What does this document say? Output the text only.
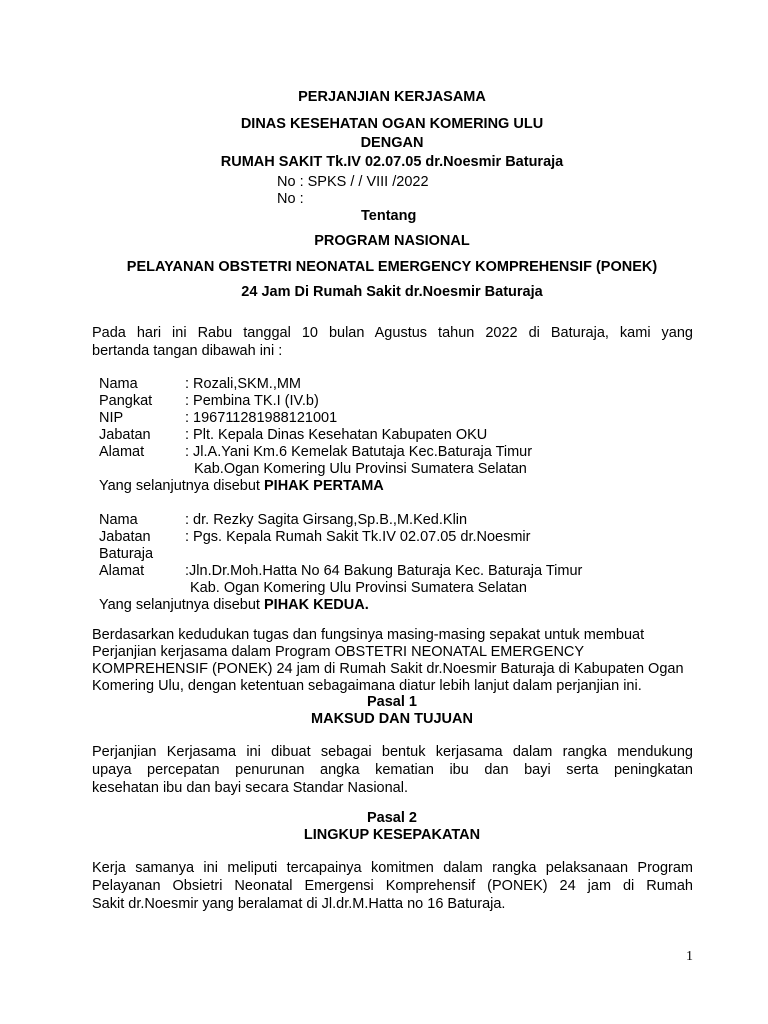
PERJANJIAN KERJASAMA
DINAS KESEHATAN OGAN KOMERING ULU
DENGAN
RUMAH SAKIT Tk.IV 02.07.05 dr.Noesmir Baturaja
No : SPKS / / VIII /2022
No :
Tentang
PROGRAM NASIONAL
PELAYANAN OBSTETRI NEONATAL EMERGENCY KOMPREHENSIF (PONEK)
24 Jam Di Rumah Sakit dr.Noesmir Baturaja
Pada hari ini Rabu tanggal 10 bulan Agustus tahun 2022 di Baturaja, kami yang
bertanda tangan dibawah ini :
Nama	: Rozali,SKM.,MM
Pangkat : Pembina TK.I (IV.b)
NIP	: 196711281988121001
Jabatan : Plt. Kepala Dinas Kesehatan Kabupaten OKU
Alamat	: Jl.A.Yani Km.6 Kemelak Batutaja Kec.Baturaja Timur
Kab.Ogan Komering Ulu Provinsi Sumatera Selatan
Yang selanjutnya disebut PIHAK PERTAMA
Nama	: dr. Rezky Sagita Girsang,Sp.B.,M.Ked.Klin
Jabatan : Pgs. Kepala Rumah Sakit Tk.IV 02.07.05 dr.Noesmir
Baturaja
Alamat	:Jln.Dr.Moh.Hatta No 64 Bakung Baturaja Kec. Baturaja Timur
Kab. Ogan Komering Ulu Provinsi Sumatera Selatan
Yang selanjutnya disebut PIHAK KEDUA.
Berdasarkan kedudukan tugas dan fungsinya masing-masing sepakat untuk membuat
Perjanjian kerjasama dalam Program OBSTETRI NEONATAL EMERGENCY
KOMPREHENSIF (PONEK) 24 jam di Rumah Sakit dr.Noesmir Baturaja di Kabupaten Ogan
Komering Ulu, dengan ketentuan sebagaimana diatur lebih lanjut dalam perjanjian ini.
Pasal 1
MAKSUD DAN TUJUAN
Perjanjian Kerjasama ini dibuat sebagai bentuk kerjasama dalam rangka mendukung
upaya percepatan penurunan angka kematian ibu dan bayi serta peningkatan
kesehatan ibu dan bayi secara Standar Nasional.
Pasal 2
LINGKUP KESEPAKATAN
Kerja samanya ini meliputi tercapainya komitmen dalam rangka pelaksanaan Program
Pelayanan Obsietri Neonatal Emergensi Komprehensif (PONEK) 24 jam di Rumah
Sakit dr.Noesmir yang beralamat di Jl.dr.M.Hatta no 16 Baturaja.
1
